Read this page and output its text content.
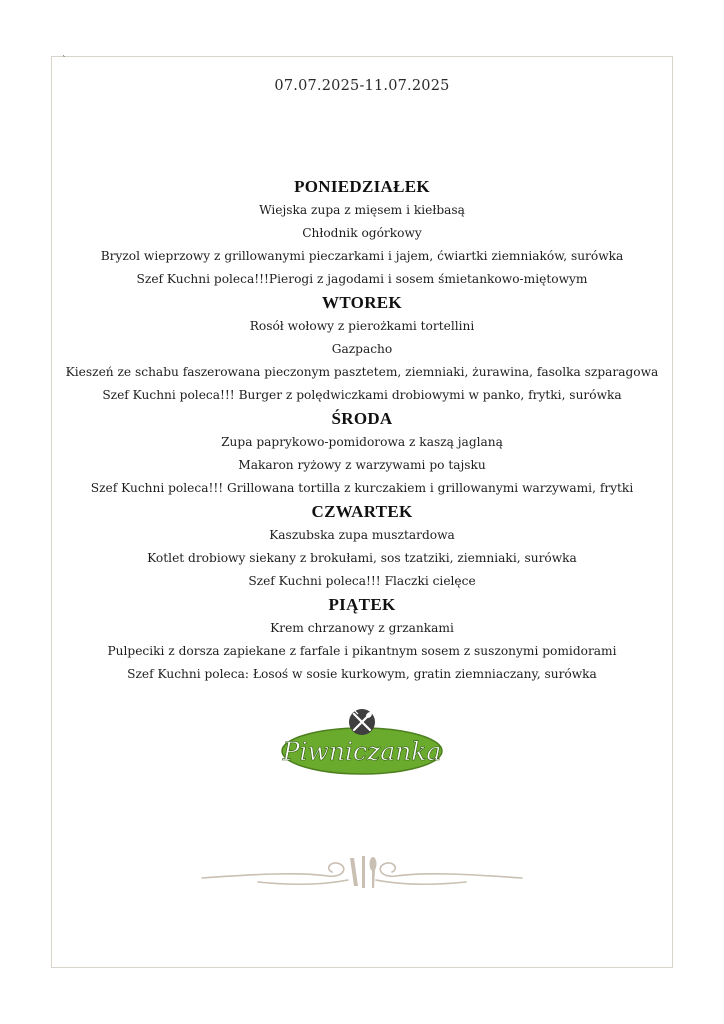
`
07.07.2025-11.07.2025
PONIEDZIAŁEK
Wiejska zupa z mięsem i kiełbasą
Chłodnik ogórkowy
Bryzol wieprzowy z grillowanymi pieczarkami i jajem, ćwiartki ziemniaków, surówka
Szef Kuchni poleca!!!Pierogi z jagodami i sosem śmietankowo-miętowym
WTOREK
Rosół wołowy z pierożkami tortellini
Gazpacho
Kieszeń ze schabu faszerowana pieczonym pasztetem, ziemniaki, żurawina, fasolka szparagowa
Szef Kuchni poleca!!! Burger z polędwiczkami drobiowymi w panko, frytki, surówka
ŚRODA
Zupa paprykowo-pomidorowa z kaszą jaglaną
Makaron ryżowy z warzywami po tajsku
Szef Kuchni poleca!!! Grillowana tortilla z kurczakiem i grillowanymi warzywami, frytki
CZWARTEK
Kaszubska zupa musztardowa
Kotlet drobiowy siekany z brokułami, sos tzatziki, ziemniaki, surówka
Szef Kuchni poleca!!! Flaczki cielęce
PIĄTEK
Krem chrzanowy z grzankami
Pulpeciki z dorsza zapiekane z farfale i pikantnym sosem z suszonymi pomidorami
Szef Kuchni poleca: Łosoś w sosie kurkowym, gratin ziemniaczany, surówka
Piwniczanka
